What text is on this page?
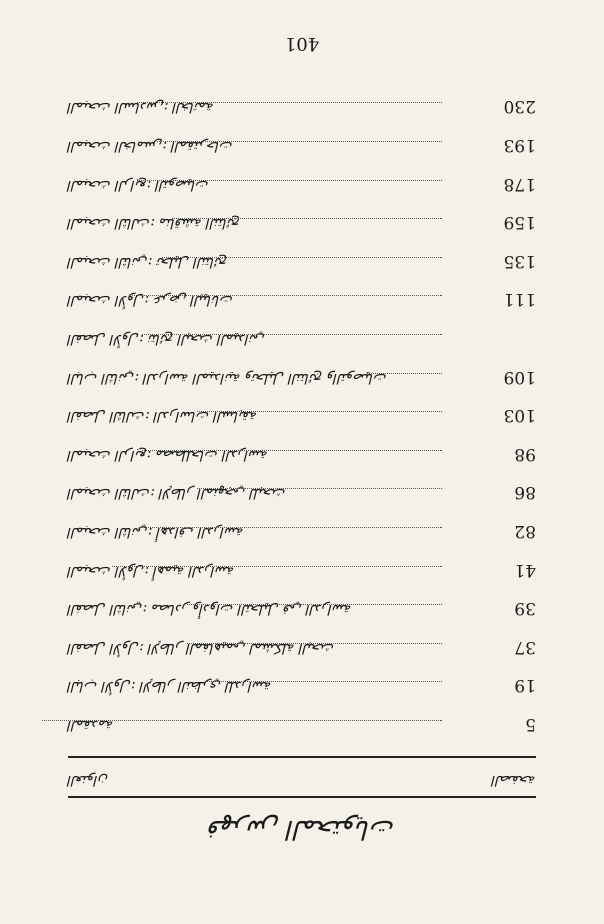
فهرس المحتويات
العنوان	الصفحة
المقدمة	5
الباب الأول: الإطار النظري للدراسة	19
الفصل الأول: الإطار المفاهيمي لمشكلة البحث	37
الفصل الثاني: مصادر وأدوات التحليل في الدراسة	39
المبحث الأول: أهمية الدراسة	41
المبحث الثاني: أهداف الدراسة	82
المبحث الثالث: الإطار المنهجي للبحث	86
المبحث الرابع: مصطلحات الدراسة	98
الفصل الثالث: الدراسات السابقة	103
الباب الثاني: الدراسة الميدانية وتحليل النتائج والتوصيات	109
الفصل الأول: نتائج البحث الميداني
المبحث الأول: عرض البيانات	111
المبحث الثاني: تحليل النتائج	135
المبحث الثالث: مناقشة النتائج	159
المبحث الرابع: التوصيات	178
المبحث الخامس: المقترحات	193
المبحث السادس: الخاتمة	230
401
